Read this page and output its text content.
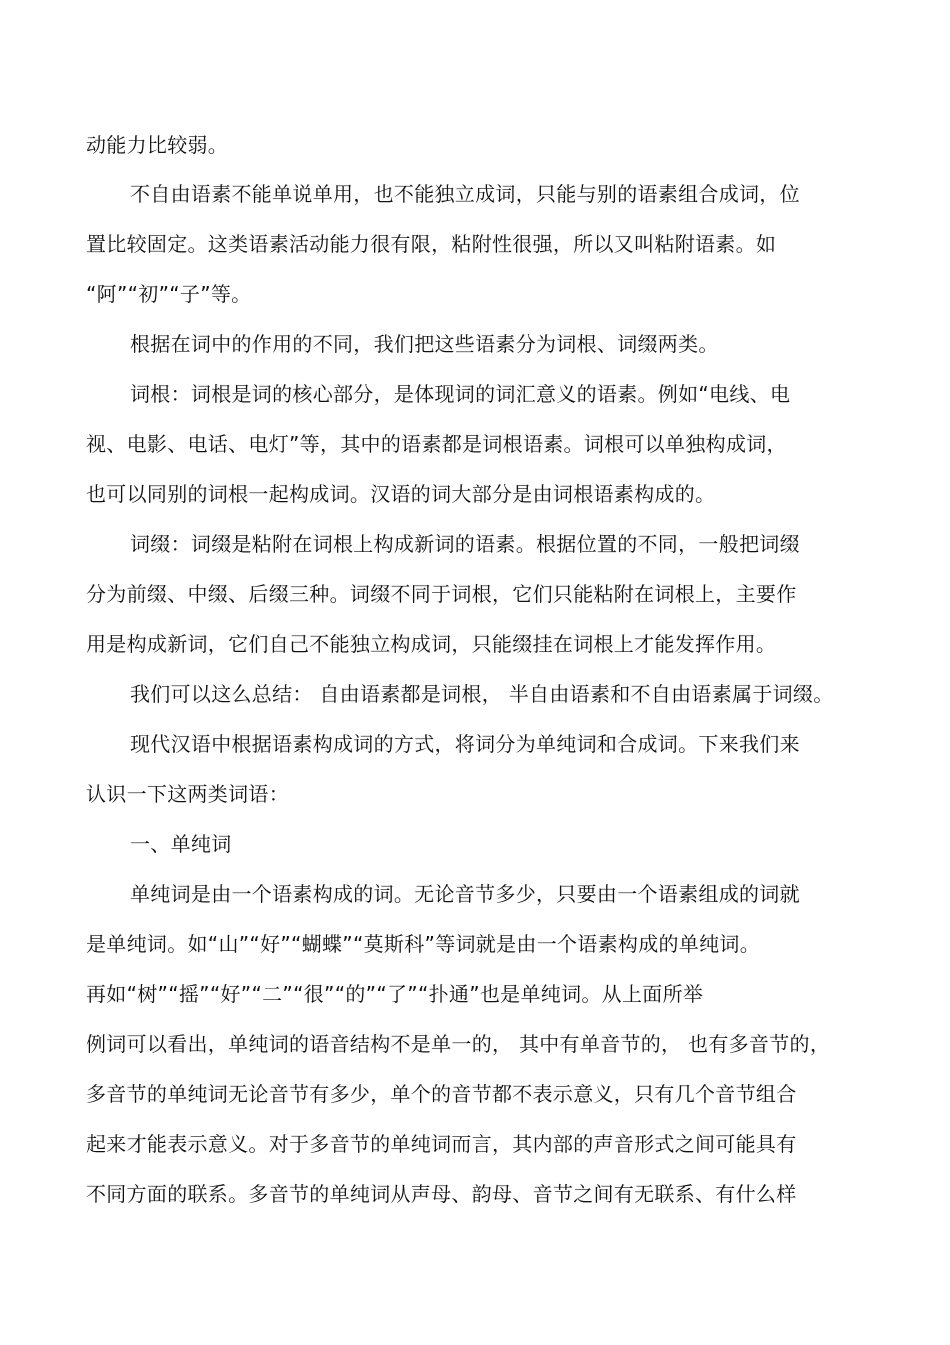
动能力比较弱。

不自由语素不能单说单用，也不能独立成词，只能与别的语素组合成词，位

置比较固定。这类语素活动能力很有限，粘附性很强，所以又叫粘附语素。如

“阿”“初”“子”等。

根据在词中的作用的不同，我们把这些语素分为词根、词缀两类。

词根：词根是词的核心部分，是体现词的词汇意义的语素。例如“电线、电

视、电影、电话、电灯”等，其中的语素都是词根语素。词根可以单独构成词，

也可以同别的词根一起构成词。汉语的词大部分是由词根语素构成的。

词缀：词缀是粘附在词根上构成新词的语素。根据位置的不同，一般把词缀

分为前缀、中缀、后缀三种。词缀不同于词根，它们只能粘附在词根上，主要作

用是构成新词，它们自己不能独立构成词，只能缀挂在词根上才能发挥作用。

我们可以这么总结： 自由语素都是词根， 半自由语素和不自由语素属于词缀。

现代汉语中根据语素构成词的方式，将词分为单纯词和合成词。下来我们来

认识一下这两类词语：

一、单纯词

单纯词是由一个语素构成的词。无论音节多少，只要由一个语素组成的词就

是单纯词。如“山”“好”“蝴蝶”“莫斯科”等词就是由一个语素构成的单纯词。

再如“树”“摇”“好”“二”“很”“的”“了”“扑通”也是单纯词。从上面所举

例词可以看出，单纯词的语音结构不是单一的， 其中有单音节的， 也有多音节的，

多音节的单纯词无论音节有多少，单个的音节都不表示意义，只有几个音节组合

起来才能表示意义。对于多音节的单纯词而言，其内部的声音形式之间可能具有

不同方面的联系。多音节的单纯词从声母、韵母、音节之间有无联系、有什么样
